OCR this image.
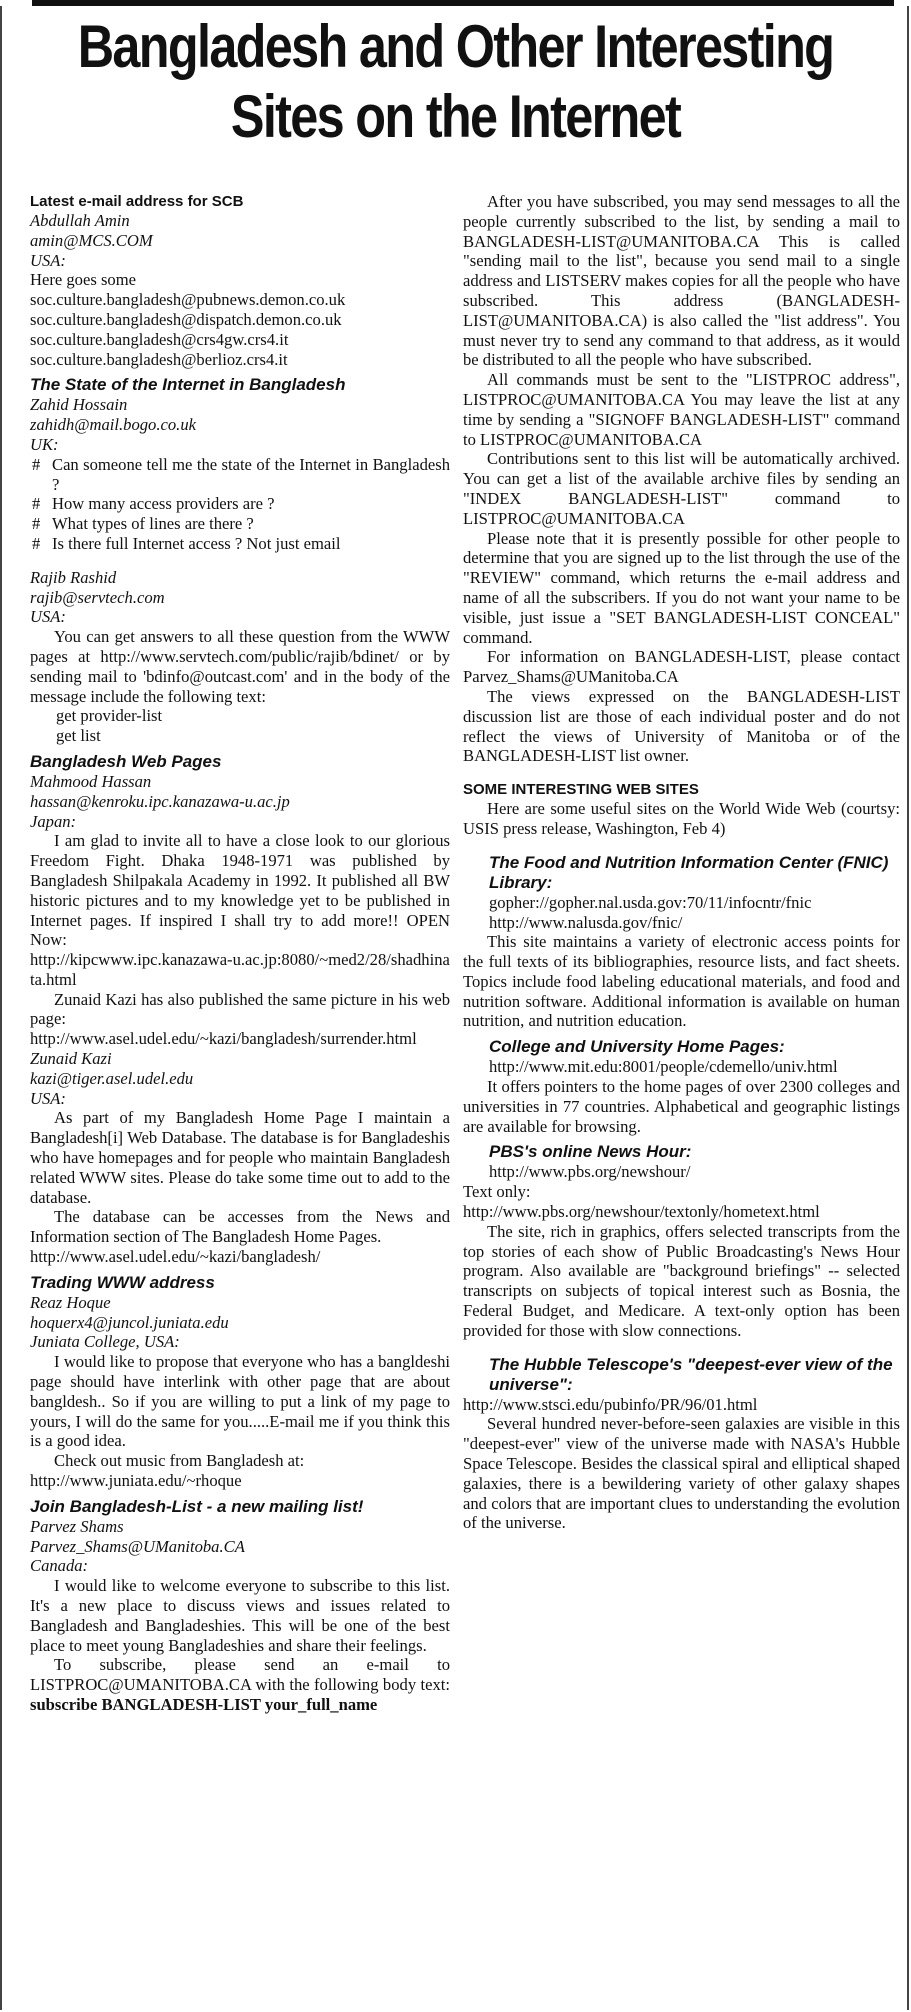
Bangladesh and Other Interesting
Sites on the Internet
Latest e-mail address for SCB
Abdullah Amin
amin@MCS.COM
USA:
Here goes some
soc.culture.bangladesh@pubnews.demon.co.uk
soc.culture.bangladesh@dispatch.demon.co.uk
soc.culture.bangladesh@crs4gw.crs4.it
soc.culture.bangladesh@berlioz.crs4.it
The State of the Internet in Bangladesh
Zahid Hossain
zahidh@mail.bogo.co.uk
UK:
# Can someone tell me the state of the Internet in Bangladesh ?
# How many access providers are ?
# What types of lines are there ?
# Is there full Internet access ? Not just email
Rajib Rashid
rajib@servtech.com
USA:

You can get answers to all these question from the WWW pages at http://www.servtech.com/public/rajib/bdinet/ or by sending mail to 'bdinfo@outcast.com' and in the body of the message include the following text:

get provider-list
get list
Bangladesh Web Pages
Mahmood Hassan
hassan@kenroku.ipc.kanazawa-u.ac.jp
Japan:

I am glad to invite all to have a close look to our glorious Freedom Fight. Dhaka 1948-1971 was published by Bangladesh Shilpakala Academy in 1992. It published all BW historic pictures and to my knowledge yet to be published in Internet pages. If inspired I shall try to add more!! OPEN Now:

http://kipcwww.ipc.kanazawa-u.ac.jp:8080/~med2/28/shadhinata.html

Zunaid Kazi has also published the same picture in his web page:

http://www.asel.udel.edu/~kazi/bangladesh/surrender.html
Zunaid Kazi
kazi@tiger.asel.udel.edu
USA:

As part of my Bangladesh Home Page I maintain a Bangladesh[i] Web Database. The database is for Bangladeshis who have homepages and for people who maintain Bangladesh related WWW sites. Please do take some time out to add to the database.

The database can be accesses from the News and Information section of The Bangladesh Home Pages.

http://www.asel.udel.edu/~kazi/bangladesh/
Trading WWW address
Reaz Hoque
hoquerx4@juncol.juniata.edu
Juniata College, USA:

I would like to propose that everyone who has a bangldeshi page should have interlink with other page that are about bangldesh.. So if you are willing to put a link of my page to yours, I will do the same for you.....E-mail me if you think this is a good idea.

Check out music from Bangladesh at:

http://www.juniata.edu/~rhoque
Join Bangladesh-List - a new mailing list!
Parvez Shams
Parvez_Shams@UManitoba.CA
Canada:

I would like to welcome everyone to subscribe to this list. It's a new place to discuss views and issues related to Bangladesh and Bangladeshies. This will be one of the best place to meet young Bangladeshies and share their feelings.

To subscribe, please send an e-mail to LISTPROC@UMANITOBA.CA with the following body text: subscribe BANGLADESH-LIST your_full_name

After you have subscribed, you may send messages to all the people currently subscribed to the list, by sending a mail to BANGLADESH-LIST@UMANITOBA.CA This is called "sending mail to the list", because you send mail to a single address and LISTSERV makes copies for all the people who have subscribed. This address (BANGLADESH-LIST@UMANITOBA.CA) is also called the "list address". You must never try to send any command to that address, as it would be distributed to all the people who have subscribed.

All commands must be sent to the "LISTPROC address", LISTPROC@UMANITOBA.CA You may leave the list at any time by sending a "SIGNOFF BANGLADESH-LIST" command to LISTPROC@UMANITOBA.CA

Contributions sent to this list will be automatically archived. You can get a list of the available archive files by sending an "INDEX BANGLADESH-LIST" command to LISTPROC@UMANITOBA.CA

Please note that it is presently possible for other people to determine that you are signed up to the list through the use of the "REVIEW" command, which returns the e-mail address and name of all the subscribers. If you do not want your name to be visible, just issue a "SET BANGLADESH-LIST CONCEAL" command.

For information on BANGLADESH-LIST, please contact Parvez_Shams@UManitoba.CA

The views expressed on the BANGLADESH-LIST discussion list are those of each individual poster and do not reflect the views of University of Manitoba or of the BANGLADESH-LIST list owner.

SOME INTERESTING WEB SITES

Here are some useful sites on the World Wide Web (courtsy: USIS press release, Washington, Feb 4)

The Food and Nutrition Information Center (FNIC) Library:
gopher://gopher.nal.usda.gov:70/11/infocntr/fnic
http://www.nalusda.gov/fnic/

This site maintains a variety of electronic access points for the full texts of its bibliographies, resource lists, and fact sheets. Topics include food labeling educational materials, and food and nutrition software. Additional information is available on human nutrition, and nutrition education.

College and University Home Pages:
http://www.mit.edu:8001/people/cdemello/univ.html

It offers pointers to the home pages of over 2300 colleges and universities in 77 countries. Alphabetical and geographic listings are available for browsing.

PBS's online News Hour:
http://www.pbs.org/newshour/
Text only:
http://www.pbs.org/newshour/textonly/hometext.html

The site, rich in graphics, offers selected transcripts from the top stories of each show of Public Broadcasting's News Hour program. Also available are "background briefings" -- selected transcripts on subjects of topical interest such as Bosnia, the Federal Budget, and Medicare. A text-only option has been provided for those with slow connections.

The Hubble Telescope's "deepest-ever view of the universe":
http://www.stsci.edu/pubinfo/PR/96/01.html

Several hundred never-before-seen galaxies are visible in this "deepest-ever" view of the universe made with NASA's Hubble Space Telescope. Besides the classical spiral and elliptical shaped galaxies, there is a bewildering variety of other galaxy shapes and colors that are important clues to understanding the evolution of the universe.
